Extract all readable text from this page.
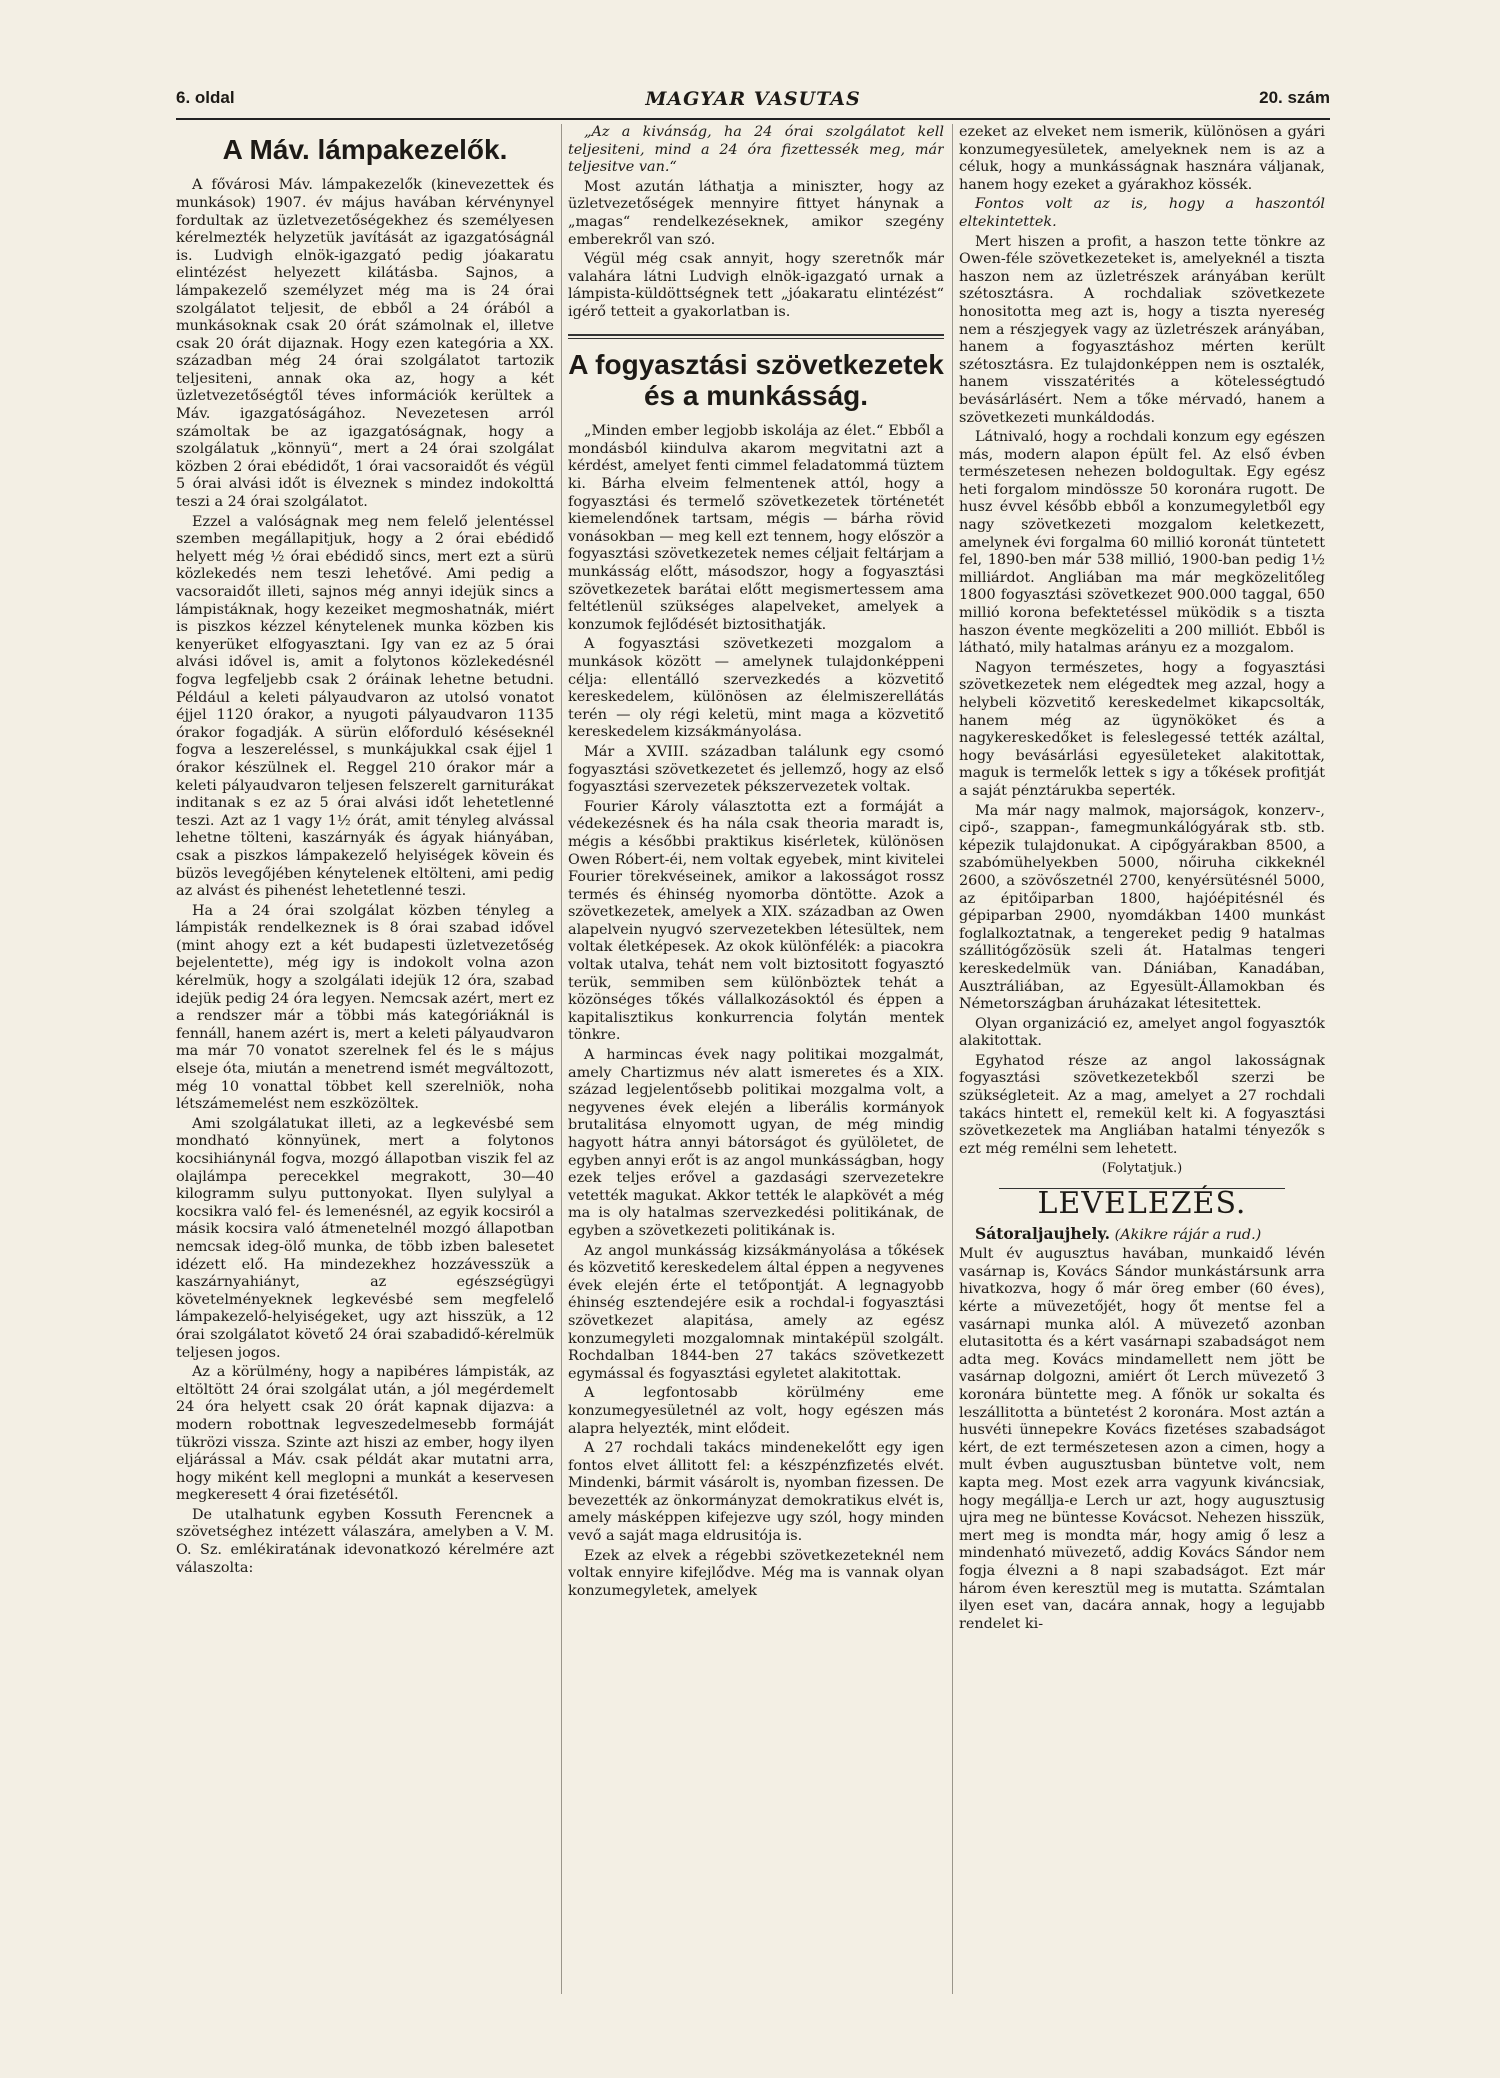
6. oldal	MAGYAR VASUTAS	20. szám
A Máv. lámpakezelők.

A fővárosi Máv. lámpakezelők (kinevezettek és munkások) 1907. év május havában kérvénynyel fordultak az üzletvezetőségekhez és személyesen kérelmezték helyzetük javítását az igazgatóságnál is. Ludvigh elnök-igazgató pedig jóakaratu elintézést helyezett kilátásba. Sajnos, a lámpakezelő személyzet még ma is 24 órai szolgálatot teljesit, de ebből a 24 órából a munkásoknak csak 20 órát számolnak el, illetve csak 20 órát dijaznak. Hogy ezen kategória a XX. században még 24 órai szolgálatot tartozik teljesiteni, annak oka az, hogy a két üzletvezetőségtől téves információk kerültek a Máv. igazgatóságához. Nevezetesen arról számoltak be az igazgatóságnak, hogy a szolgálatuk „könnyü“, mert a 24 órai szolgálat közben 2 órai ebédidőt, 1 órai vacsoraidőt és végül 5 órai alvási időt is élveznek s mindez indokolttá teszi a 24 órai szolgálatot.

Ezzel a valóságnak meg nem felelő jelentéssel szemben megállapitjuk, hogy a 2 órai ebédidő helyett még ½ órai ebédidő sincs, mert ezt a sürü közlekedés nem teszi lehetővé. Ami pedig a vacsoraidőt illeti, sajnos még annyi idejük sincs a lámpistáknak, hogy kezeiket megmoshatnák, miért is piszkos kézzel kénytelenek munka közben kis kenyerüket elfogyasztani. Igy van ez az 5 órai alvási idővel is, amit a folytonos közlekedésnél fogva legfeljebb csak 2 óráinak lehetne betudni. Például a keleti pályaudvaron az utolsó vonatot éjjel 1120 órakor, a nyugoti pályaudvaron 1135 órakor fogadják. A sürün előforduló késéseknél fogva a leszereléssel, s munkájukkal csak éjjel 1 órakor készülnek el. Reggel 210 órakor már a keleti pályaudvaron teljesen felszerelt garniturákat inditanak s ez az 5 órai alvási időt lehetetlenné teszi. Azt az 1 vagy 1½ órát, amit tényleg alvással lehetne tölteni, kaszárnyák és ágyak hiányában, csak a piszkos lámpakezelő helyiségek kövein és büzös levegőjében kénytelenek eltölteni, ami pedig az alvást és pihenést lehetetlenné teszi.

Ha a 24 órai szolgálat közben tényleg a lámpisták rendelkeznek is 8 órai szabad idővel (mint ahogy ezt a két budapesti üzletvezetőség bejelentette), még igy is indokolt volna azon kérelmük, hogy a szolgálati idejük 12 óra, szabad idejük pedig 24 óra legyen. Nemcsak azért, mert ez a rendszer már a többi más kategóriáknál is fennáll, hanem azért is, mert a keleti pályaudvaron ma már 70 vonatot szerelnek fel és le s május elseje óta, miután a menetrend ismét megváltozott, még 10 vonattal többet kell szerelniök, noha létszámemelést nem eszközöltek.

Ami szolgálatukat illeti, az a legkevésbé sem mondható könnyünek, mert a folytonos kocsihiánynál fogva, mozgó állapotban viszik fel az olajlámpa perecekkel megrakott, 30—40 kilogramm sulyu puttonyokat. Ilyen sulylyal a kocsikra való fel- és lemenésnél, az egyik kocsiról a másik kocsira való átmenetelnél mozgó állapotban nemcsak ideg-ölő munka, de több izben balesetet idézett elő. Ha mindezekhez hozzávesszük a kaszárnyahiányt, az egészségügyi követelményeknek legkevésbé sem megfelelő lámpakezelő-helyiségeket, ugy azt hisszük, a 12 órai szolgálatot követő 24 órai szabadidő-kérelmük teljesen jogos.

Az a körülmény, hogy a napibéres lámpisták, az eltöltött 24 órai szolgálat után, a jól megérdemelt 24 óra helyett csak 20 órát kapnak dijazva: a modern robottnak legveszedelmesebb formáját tükrözi vissza. Szinte azt hiszi az ember, hogy ilyen eljárással a Máv. csak példát akar mutatni arra, hogy miként kell meglopni a munkát a keservesen megkeresett 4 órai fizetésétől.

De utalhatunk egyben Kossuth Ferencnek a szövetséghez intézett válaszára, amelyben a V. M. O. Sz. emlékiratának idevonatkozó kérelmére azt válaszolta:

„Az a kivánság, ha 24 órai szolgálatot kell teljesiteni, mind a 24 óra fizettessék meg, már teljesitve van.“

Most azután láthatja a miniszter, hogy az üzletvezetőségek mennyire fittyet hánynak a „magas“ rendelkezéseknek, amikor szegény emberekről van szó.

Végül még csak annyit, hogy szeretnők már valahára látni Ludvigh elnök-igazgató urnak a lámpista-küldöttségnek tett „jóakaratu elintézést“ igérő tetteit a gyakorlatban is.

A fogyasztási szövetkezetek és a munkásság.

„Minden ember legjobb iskolája az élet.“ Ebből a mondásból kiindulva akarom megvitatni azt a kérdést, amelyet fenti cimmel feladatommá tüztem ki. Bárha elveim felmentenek attól, hogy a fogyasztási és termelő szövetkezetek történetét kiemelendőnek tartsam, mégis — bárha rövid vonásokban — meg kell ezt tennem, hogy először a fogyasztási szövetkezetek nemes céljait feltárjam a munkásság előtt, másodszor, hogy a fogyasztási szövetkezetek barátai előtt megismertessem ama feltétlenül szükséges alapelveket, amelyek a konzumok fejlődését biztosithatják.

A fogyasztási szövetkezeti mozgalom a munkások között — amelynek tulajdonképpeni célja: ellentálló szervezkedés a közvetitő kereskedelem, különösen az élelmiszerellátás terén — oly régi keletü, mint maga a közvetitő kereskedelem kizsákmányolása.

Már a XVIII. században találunk egy csomó fogyasztási szövetkezetet és jellemző, hogy az első fogyasztási szervezetek pékszervezetek voltak.

Fourier Károly választotta ezt a formáját a védekezésnek és ha nála csak theoria maradt is, mégis a későbbi praktikus kisérletek, különösen Owen Róbert-éi, nem voltak egyebek, mint kivitelei Fourier törekvéseinek, amikor a lakosságot rossz termés és éhinség nyomorba döntötte. Azok a szövetkezetek, amelyek a XIX. században az Owen alapelvein nyugvó szervezetekben létesültek, nem voltak életképesek. Az okok különfélék: a piacokra voltak utalva, tehát nem volt biztositott fogyasztó terük, semmiben sem különböztek tehát a közönséges tőkés vállalkozásoktól és éppen a kapitalisztikus konkurrencia folytán mentek tönkre.

A harmincas évek nagy politikai mozgalmát, amely Chartizmus név alatt ismeretes és a XIX. század legjelentősebb politikai mozgalma volt, a negyvenes évek elején a liberális kormányok brutalitása elnyomott ugyan, de még mindig hagyott hátra annyi bátorságot és gyülöletet, de egyben annyi erőt is az angol munkásságban, hogy ezek teljes erővel a gazdasági szervezetekre vetették magukat. Akkor tették le alapkövét a még ma is oly hatalmas szervezkedési politikának, de egyben a szövetkezeti politikának is.

Az angol munkásság kizsákmányolása a tőkések és közvetitő kereskedelem által éppen a negyvenes évek elején érte el tetőpontját. A legnagyobb éhinség esztendejére esik a rochdal-i fogyasztási szövetkezet alapitása, amely az egész konzumegyleti mozgalomnak mintaképül szolgált. Rochdalban 1844-ben 27 takács szövetkezett egymással és fogyasztási egyletet alakitottak.

A legfontosabb körülmény eme konzumegyesületnél az volt, hogy egészen más alapra helyezték, mint elődeit.

A 27 rochdali takács mindenekelőtt egy igen fontos elvet állitott fel: a készpénzfizetés elvét. Mindenki, bármit vásárolt is, nyomban fizessen. De bevezették az önkormányzat demokratikus elvét is, amely másképpen kifejezve ugy szól, hogy minden vevő a saját maga eldrusitója is.

Ezek az elvek a régebbi szövetkezeteknél nem voltak ennyire kifejlődve. Még ma is vannak olyan konzumegyletek, amelyek

ezeket az elveket nem ismerik, különösen a gyári konzumegyesületek, amelyeknek nem is az a céluk, hogy a munkásságnak hasznára váljanak, hanem hogy ezeket a gyárakhoz kössék.

Fontos volt az is, hogy a haszontól eltekintettek.

Mert hiszen a profit, a haszon tette tönkre az Owen-féle szövetkezeteket is, amelyeknél a tiszta haszon nem az üzletrészek arányában került szétosztásra. A rochdaliak szövetkezete honositotta meg azt is, hogy a tiszta nyereség nem a részjegyek vagy az üzletrészek arányában, hanem a fogyasztáshoz mérten került szétosztásra. Ez tulajdonképpen nem is osztalék, hanem visszatérités a kötelességtudó bevásárlásért. Nem a tőke mérvadó, hanem a szövetkezeti munkáldodás.

Látnivaló, hogy a rochdali konzum egy egészen más, modern alapon épült fel. Az első évben természetesen nehezen boldogultak. Egy egész heti forgalom mindössze 50 koronára rugott. De husz évvel később ebből a konzumegyletből egy nagy szövetkezeti mozgalom keletkezett, amelynek évi forgalma 60 millió koronát tüntetett fel, 1890-ben már 538 millió, 1900-ban pedig 1½ milliárdot. Angliában ma már megközelitőleg 1800 fogyasztási szövetkezet 900.000 taggal, 650 millió korona befektetéssel müködik s a tiszta haszon évente megközeliti a 200 milliót. Ebből is látható, mily hatalmas arányu ez a mozgalom.

Nagyon természetes, hogy a fogyasztási szövetkezetek nem elégedtek meg azzal, hogy a helybeli közvetitő kereskedelmet kikapcsolták, hanem még az ügynököket és a nagykereskedőket is feleslegessé tették azáltal, hogy bevásárlási egyesületeket alakitottak, maguk is termelők lettek s igy a tőkések profitját a saját pénztárukba seperték.

Ma már nagy malmok, majorságok, konzerv-, cipő-, szappan-, famegmunkálógyárak stb. stb. képezik tulajdonukat. A cipőgyárakban 8500, a szabómühelyekben 5000, nőiruha cikkeknél 2600, a szövőszetnél 2700, kenyérsütésnél 5000, az épitőiparban 1800, hajóépitésnél és gépiparban 2900, nyomdákban 1400 munkást foglalkoztatnak, a tengereket pedig 9 hatalmas szállitógőzösük szeli át. Hatalmas tengeri kereskedelmük van. Dániában, Kanadában, Ausztráliában, az Egyesült-Államokban és Németországban áruházakat létesitettek.

Olyan organizáció ez, amelyet angol fogyasztók alakitottak.

Egyhatod része az angol lakosságnak fogyasztási szövetkezetekből szerzi be szükségleteit. Az a mag, amelyet a 27 rochdali takács hintett el, remekül kelt ki. A fogyasztási szövetkezetek ma Angliában hatalmi tényezők s ezt még remélni sem lehetett.

(Folytatjuk.)
LEVELEZÉS.

Sátoraljaujhely. (Akikre rájár a rud.)

Mult év augusztus havában, munkaidő lévén vasárnap is, Kovács Sándor munkástársunk arra hivatkozva, hogy ő már öreg ember (60 éves), kérte a müvezetőjét, hogy őt mentse fel a vasárnapi munka alól. A müvezető azonban elutasitotta és a kért vasárnapi szabadságot nem adta meg. Kovács mindamellett nem jött be vasárnap dolgozni, amiért őt Lerch müvezető 3 koronára büntette meg. A főnök ur sokalta és leszállitotta a büntetést 2 koronára. Most aztán a husvéti ünnepekre Kovács fizetéses szabadságot kért, de ezt természetesen azon a cimen, hogy a mult évben augusztusban büntetve volt, nem kapta meg. Most ezek arra vagyunk kiváncsiak, hogy megállja-e Lerch ur azt, hogy augusztusig ujra meg ne büntesse Kovácsot. Nehezen hisszük, mert meg is mondta már, hogy amig ő lesz a mindenható müvezető, addig Kovács Sándor nem fogja élvezni a 8 napi szabadságot. Ezt már három éven keresztül meg is mutatta. Számtalan ilyen eset van, dacára annak, hogy a legujabb rendelet ki-
